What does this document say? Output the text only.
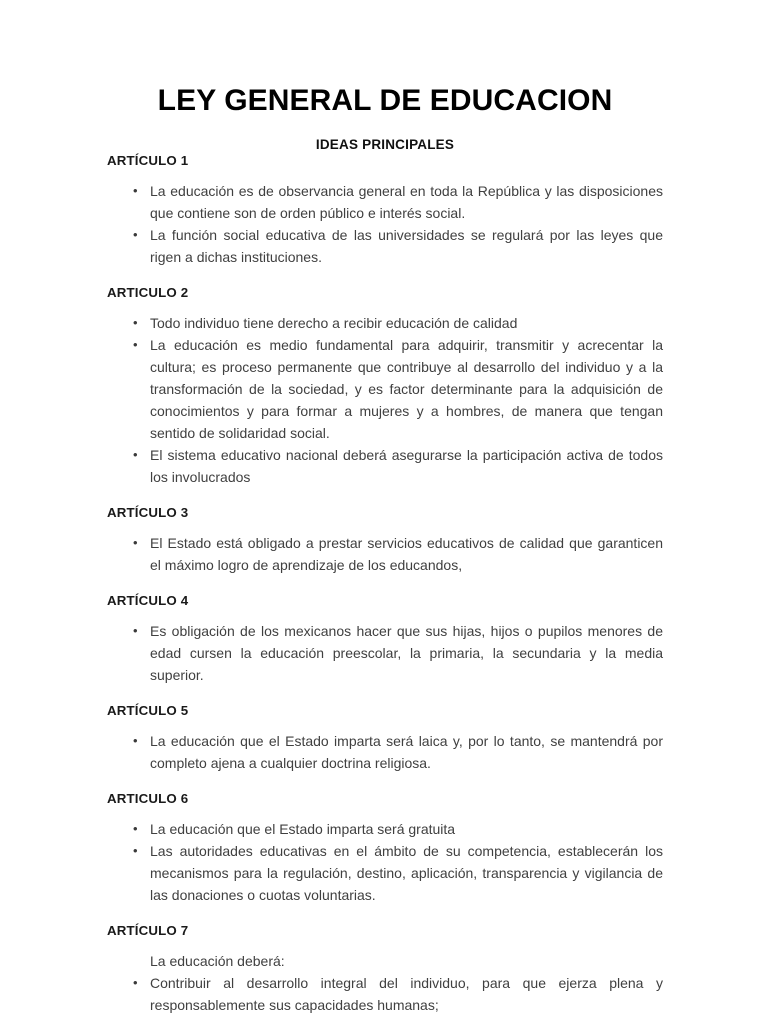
LEY GENERAL DE EDUCACION
IDEAS PRINCIPALES
ARTÍCULO 1
• La educación es de observancia general en toda la República y las disposiciones que contiene son de orden público e interés social.
• La función social educativa de las universidades se regulará por las leyes que rigen a dichas instituciones.
ARTICULO 2
• Todo individuo tiene derecho a recibir educación de calidad
• La educación es medio fundamental para adquirir, transmitir y acrecentar la cultura; es proceso permanente que contribuye al desarrollo del individuo y a la transformación de la sociedad, y es factor determinante para la adquisición de conocimientos y para formar a mujeres y a hombres, de manera que tengan sentido de solidaridad social.
• El sistema educativo nacional deberá asegurarse la participación activa de todos los involucrados
ARTÍCULO 3
• El Estado está obligado a prestar servicios educativos de calidad que garanticen el máximo logro de aprendizaje de los educandos,
ARTÍCULO 4
• Es obligación de los mexicanos hacer que sus hijas, hijos o pupilos menores de edad cursen la educación preescolar, la primaria, la secundaria y la media superior.
ARTÍCULO 5
• La educación que el Estado imparta será laica y, por lo tanto, se mantendrá por completo ajena a cualquier doctrina religiosa.
ARTICULO 6
• La educación que el Estado imparta será gratuita
• Las autoridades educativas en el ámbito de su competencia, establecerán los mecanismos para la regulación, destino, aplicación, transparencia y vigilancia de las donaciones o cuotas voluntarias.
ARTÍCULO 7

La educación deberá:

• Contribuir al desarrollo integral del individuo, para que ejerza plena y responsablemente sus capacidades humanas;
